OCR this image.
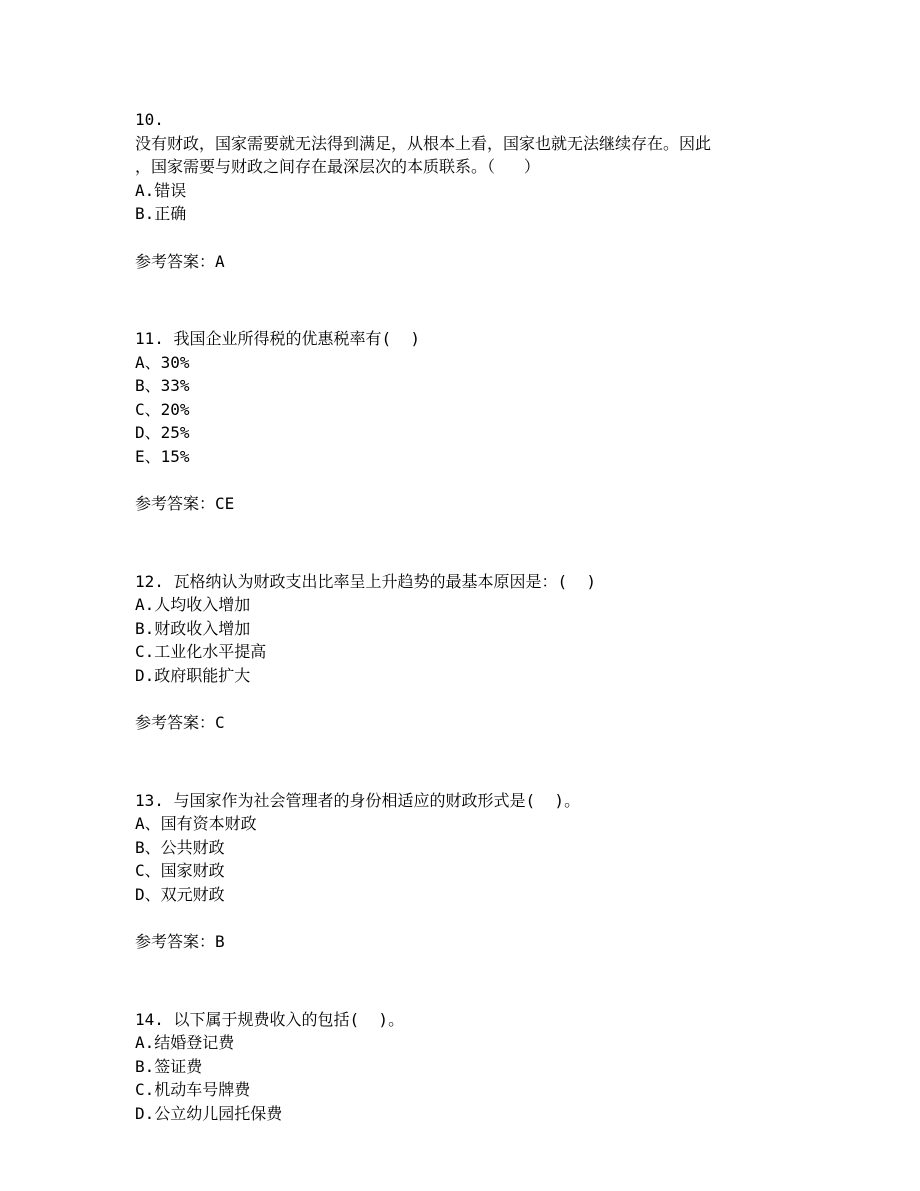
10.

没有财政，国家需要就无法得到满足，从根本上看，国家也就无法继续存在。因此

，国家需要与财政之间存在最深层次的本质联系。（   ）

A.错误

B.正确

参考答案：A

11. 我国企业所得税的优惠税率有(  )

A、30%

B、33%

C、20%

D、25%

E、15%

参考答案：CE

12. 瓦格纳认为财政支出比率呈上升趋势的最基本原因是：(  )

A.人均收入增加

B.财政收入增加

C.工业化水平提高

D.政府职能扩大

参考答案：C

13. 与国家作为社会管理者的身份相适应的财政形式是(  )。

A、国有资本财政

B、公共财政

C、国家财政

D、双元财政

参考答案：B

14. 以下属于规费收入的包括(  )。

A.结婚登记费

B.签证费

C.机动车号牌费

D.公立幼儿园托保费
